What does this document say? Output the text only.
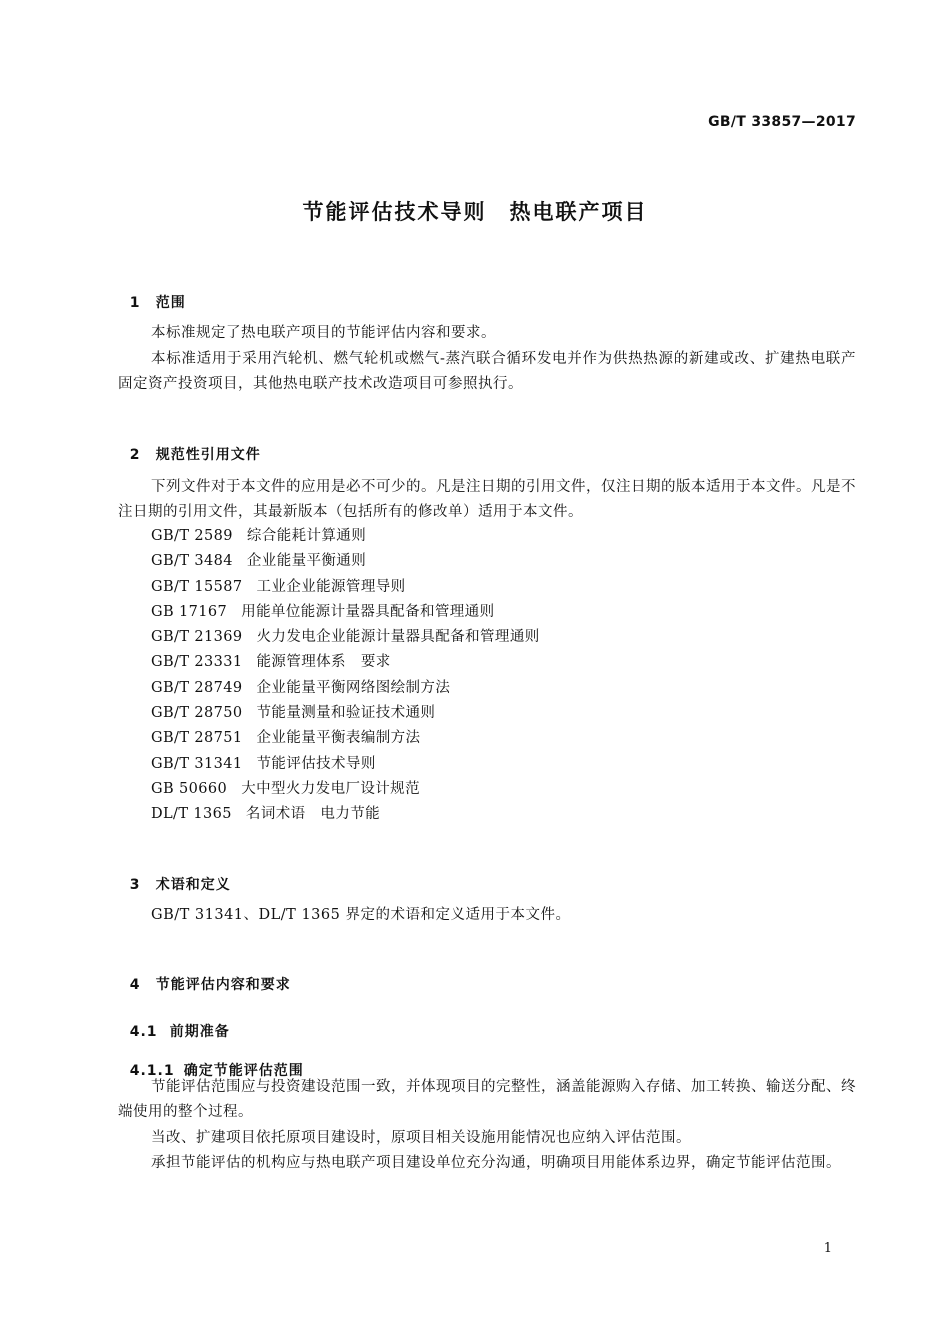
GB/T 33857—2017
节能评估技术导则　热电联产项目

1 范围

本标准规定了热电联产项目的节能评估内容和要求。

本标准适用于采用汽轮机、燃气轮机或燃气-蒸汽联合循环发电并作为供热热源的新建或改、扩建热电联产固定资产投资项目，其他热电联产技术改造项目可参照执行。

2 规范性引用文件

下列文件对于本文件的应用是必不可少的。凡是注日期的引用文件，仅注日期的版本适用于本文件。凡是不注日期的引用文件，其最新版本（包括所有的修改单）适用于本文件。

GB/T 2589 综合能耗计算通则
GB/T 3484 企业能量平衡通则
GB/T 15587 工业企业能源管理导则
GB 17167 用能单位能源计量器具配备和管理通则
GB/T 21369 火力发电企业能源计量器具配备和管理通则
GB/T 23331 能源管理体系　要求
GB/T 28749 企业能量平衡网络图绘制方法
GB/T 28750 节能量测量和验证技术通则
GB/T 28751 企业能量平衡表编制方法
GB/T 31341 节能评估技术导则
GB 50660 大中型火力发电厂设计规范
DL/T 1365 名词术语　电力节能

3 术语和定义

GB/T 31341、DL/T 1365 界定的术语和定义适用于本文件。

4 节能评估内容和要求

4.1 前期准备

4.1.1 确定节能评估范围

节能评估范围应与投资建设范围一致，并体现项目的完整性，涵盖能源购入存储、加工转换、输送分配、终端使用的整个过程。

当改、扩建项目依托原项目建设时，原项目相关设施用能情况也应纳入评估范围。

承担节能评估的机构应与热电联产项目建设单位充分沟通，明确项目用能体系边界，确定节能评估范围。

1
